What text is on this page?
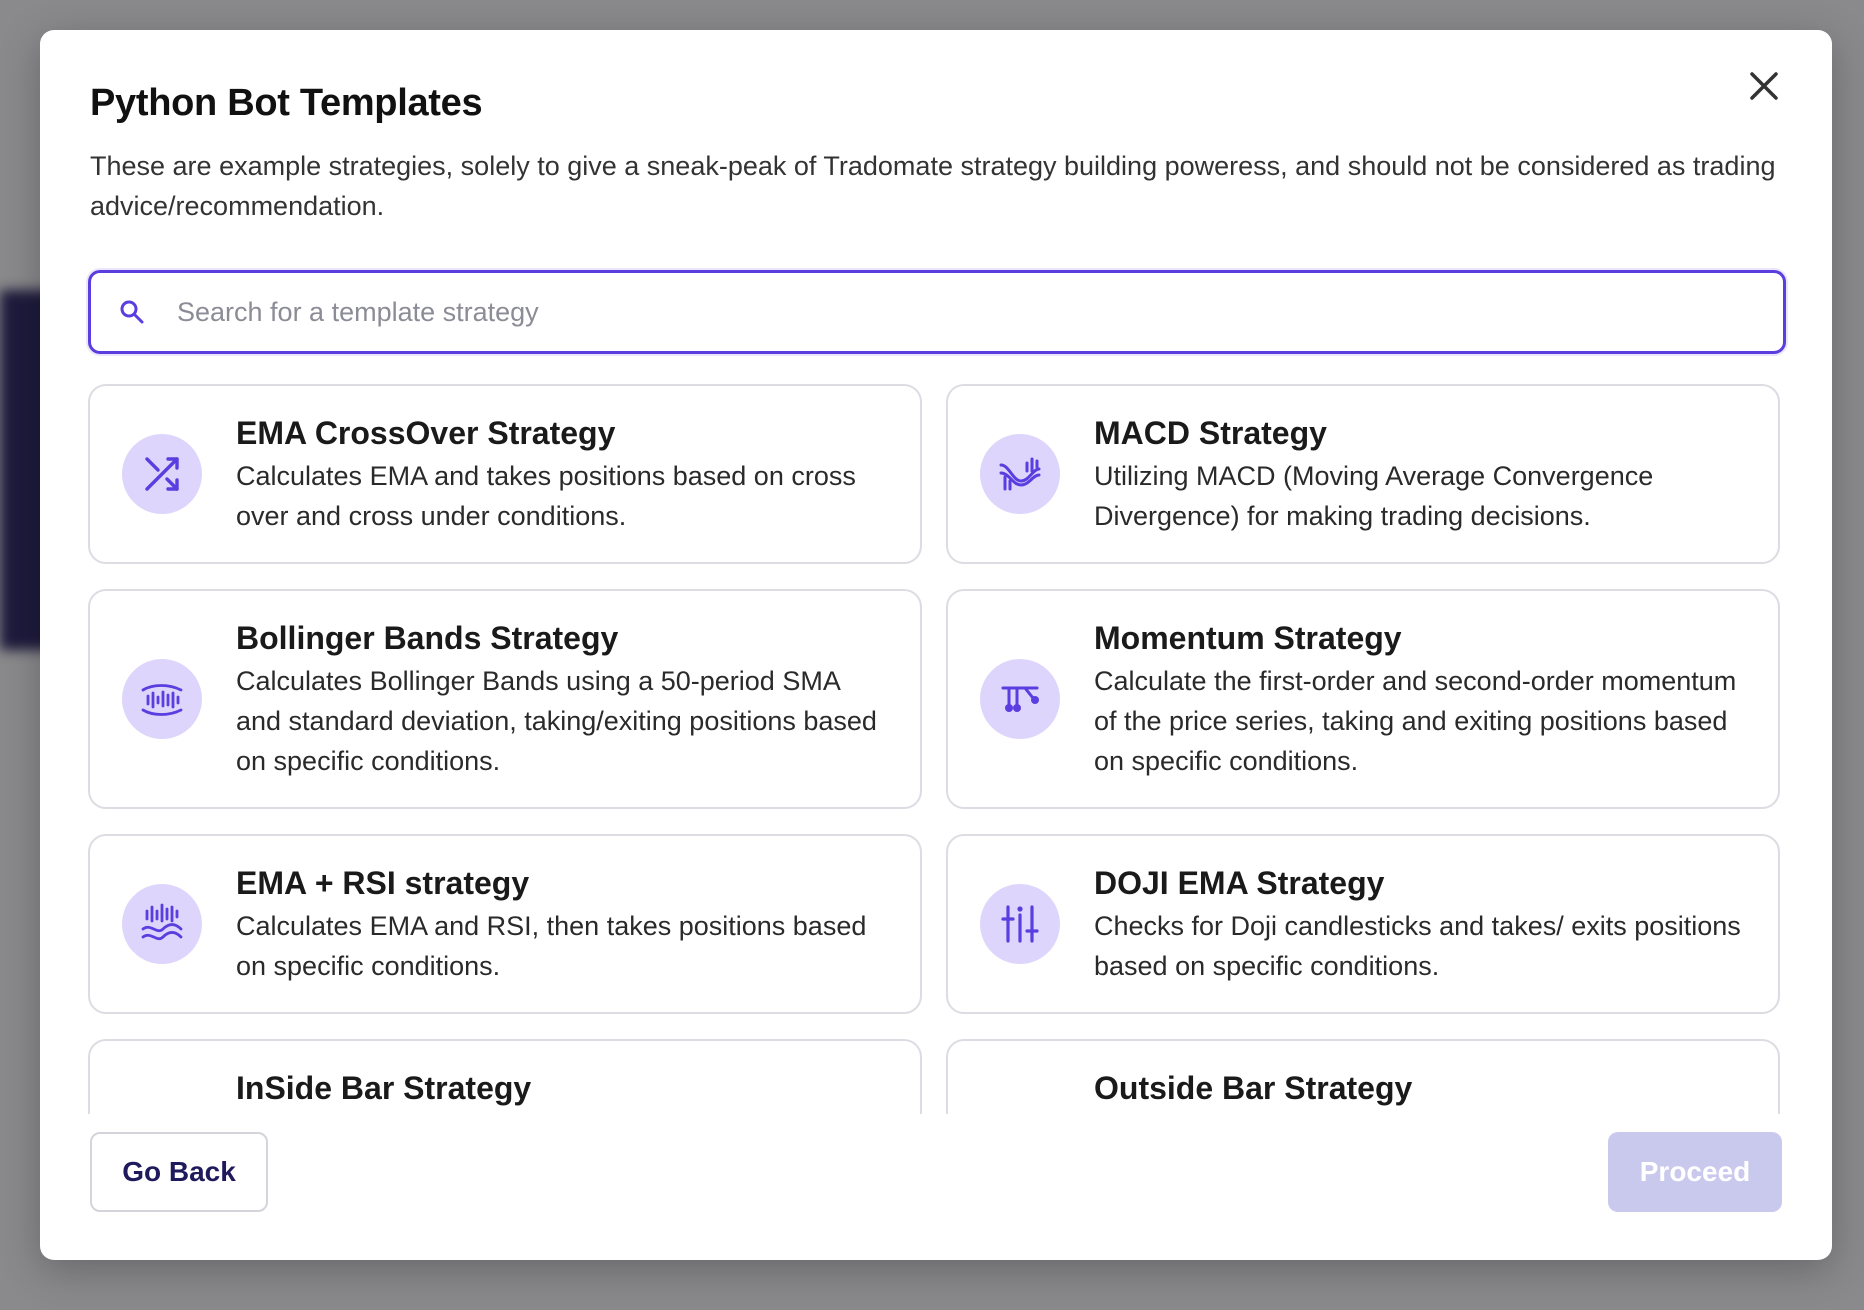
Python Bot Templates

These are example strategies, solely to give a sneak-peak of Tradomate strategy building poweress, and should not be considered as trading advice/recommendation.

Search for a template strategy
EMA CrossOver Strategy
Calculates EMA and takes positions based on cross over and cross under conditions.
MACD Strategy
Utilizing MACD (Moving Average Convergence Divergence) for making trading decisions.
Bollinger Bands Strategy
Calculates Bollinger Bands using a 50-period SMA and standard deviation, taking/exiting positions based on specific conditions.
Momentum Strategy
Calculate the first-order and second-order momentum of the price series, taking and exiting positions based on specific conditions.
EMA + RSI strategy
Calculates EMA and RSI, then takes positions based on specific conditions.
DOJI EMA Strategy
Checks for Doji candlesticks and takes/ exits positions based on specific conditions.
InSide Bar Strategy	Outside Bar Strategy
Go Back	Proceed
